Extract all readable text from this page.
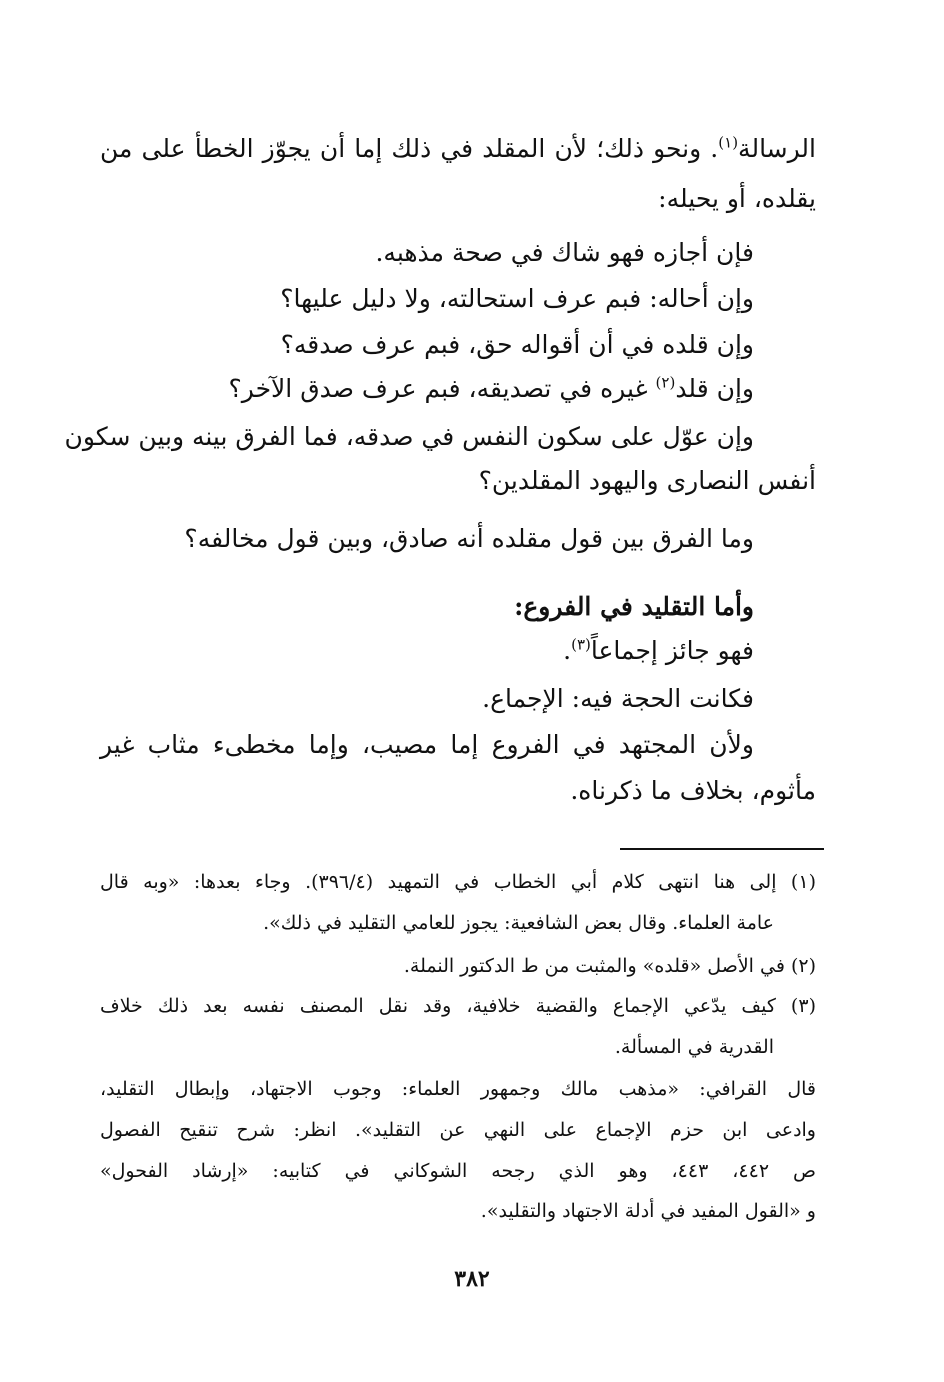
الرسالة$^{(١)}$. ونحو ذلك؛ لأن المقلد في ذلك إما أن يجوّز الخطأ على من
يقلده، أو يحيله:
فإن أجازه فهو شاك في صحة مذهبه.
وإن أحاله: فبم عرف استحالته، ولا دليل عليها؟
وإن قلده في أن أقواله حق، فبم عرف صدقه؟
وإن قلد$^{(٢)}$ غيره في تصديقه، فبم عرف صدق الآخر؟
وإن عوّل على سكون النفس في صدقه، فما الفرق بينه وبين سكون
أنفس النصارى واليهود المقلدين؟
وما الفرق بين قول مقلده أنه صادق، وبين قول مخالفه؟
وأما التقليد في الفروع:
فهو جائز إجماعاً$^{(٣)}$.
فكانت الحجة فيه: الإجماع.
ولأن المجتهد في الفروع إما مصيب، وإما مخطىء مثاب غير
مأثوم، بخلاف ما ذكرناه.
(١) إلى هنا انتهى كلام أبي الخطاب في التمهيد (٣٩٦/٤). وجاء بعدها: «وبه قال
عامة العلماء. وقال بعض الشافعية: يجوز للعامي التقليد في ذلك».
(٢) في الأصل «قلده» والمثبت من ط الدكتور النملة.
(٣) كيف يدّعي الإجماع والقضية خلافية، وقد نقل المصنف نفسه بعد ذلك خلاف
القدرية في المسألة.
قال القرافي: «مذهب مالك وجمهور العلماء: وجوب الاجتهاد، وإبطال التقليد،
وادعى ابن حزم الإجماع على النهي عن التقليد». انظر: شرح تنقيح الفصول
ص ٤٤٢، ٤٤٣، وهو الذي رجحه الشوكاني في كتابيه: «إرشاد الفحول»
و «القول المفيد في أدلة الاجتهاد والتقليد».
٣٨٢
